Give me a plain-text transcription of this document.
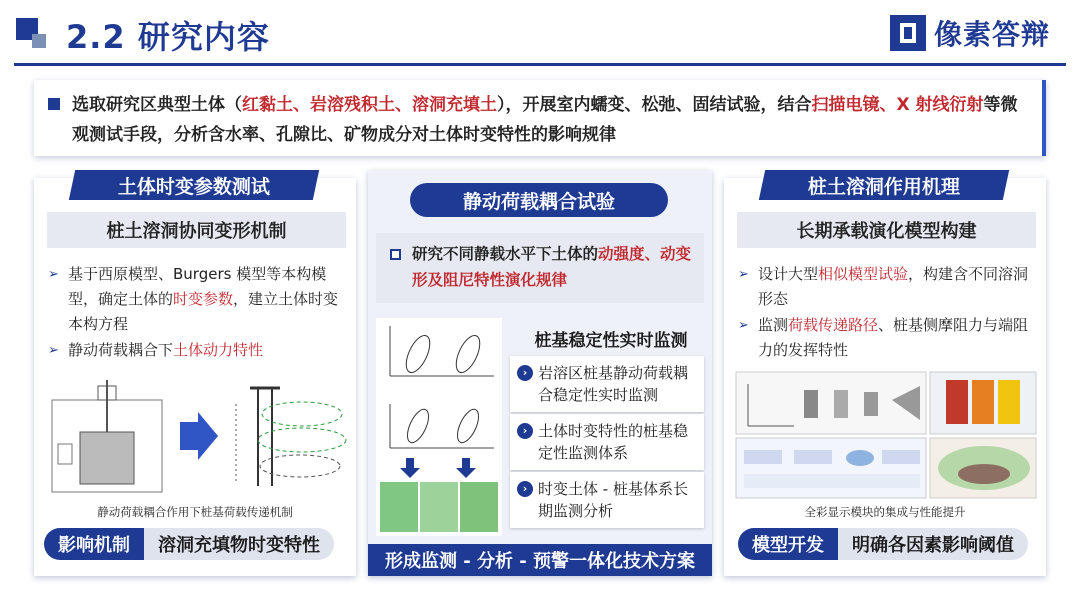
2.2 研究内容	像素答辩

选取研究区典型土体（红黏土、岩溶残积土、溶洞充填土），开展室内蠕变、松弛、固结试验，结合扫描电镜、X 射线衍射等微观测试手段，分析含水率、孔隙比、矿物成分对土体时变特性的影响规律

土体时变参数测试
桩土溶洞协同变形机制
➢ 基于西原模型、Burgers 模型等本构模型，确定土体的时变参数，建立土体时变本构方程
➢ 静动荷载耦合下土体动力特性
静动荷载耦合作用下桩基荷载传递机制
影响机制	溶洞充填物时变特性
静动荷载耦合试验

研究不同静载水平下土体的动强度、动变形及阻尼特性演化规律

桩基稳定性实时监测
› 岩溶区桩基静动荷载耦合稳定性实时监测
› 土体时变特性的桩基稳定性监测体系
› 时变土体 - 桩基体系长期监测分析
形成监测 - 分析 - 预警一体化技术方案
桩土溶洞作用机理
长期承载演化模型构建
➢ 设计大型相似模型试验，构建含不同溶洞形态
➢ 监测荷载传递路径、桩基侧摩阻力与端阻力的发挥特性
全彩显示模块的集成与性能提升
模型开发	明确各因素影响阈值
